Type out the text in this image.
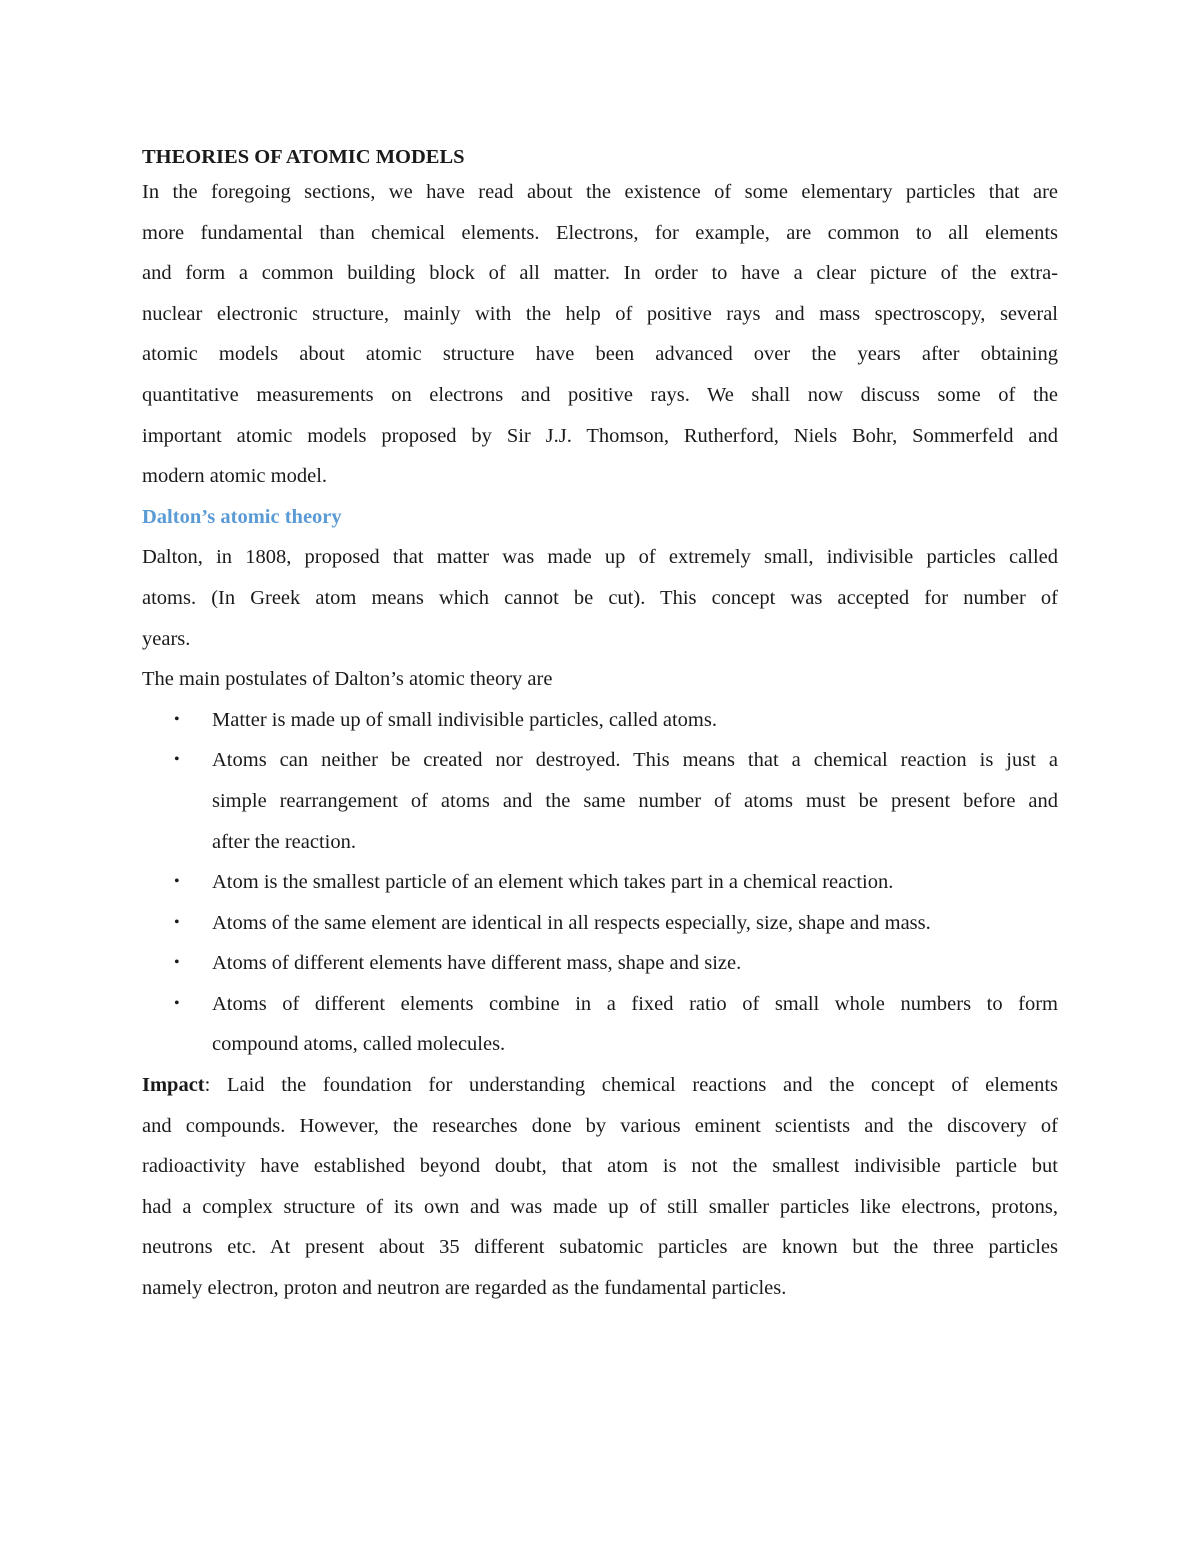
THEORIES OF ATOMIC MODELS
In the foregoing sections, we have read about the existence of some elementary particles that are
more fundamental than chemical elements. Electrons, for example, are common to all elements
and form a common building block of all matter. In order to have a clear picture of the extra-
nuclear electronic structure, mainly with the help of positive rays and mass spectroscopy, several
atomic models about atomic structure have been advanced over the years after obtaining
quantitative measurements on electrons and positive rays. We shall now discuss some of the
important atomic models proposed by Sir J.J. Thomson, Rutherford, Niels Bohr, Sommerfeld and
modern atomic model.
Dalton’s atomic theory
Dalton, in 1808, proposed that matter was made up of extremely small, indivisible particles called
atoms. (In Greek atom means which cannot be cut). This concept was accepted for number of
years.
The main postulates of Dalton’s atomic theory are
• Matter is made up of small indivisible particles, called atoms.
• Atoms can neither be created nor destroyed. This means that a chemical reaction is just a
simple rearrangement of atoms and the same number of atoms must be present before and
after the reaction.
• Atom is the smallest particle of an element which takes part in a chemical reaction.
• Atoms of the same element are identical in all respects especially, size, shape and mass.
• Atoms of different elements have different mass, shape and size.
• Atoms of different elements combine in a fixed ratio of small whole numbers to form
compound atoms, called molecules.
Impact: Laid the foundation for understanding chemical reactions and the concept of elements
and compounds. However, the researches done by various eminent scientists and the discovery of
radioactivity have established beyond doubt, that atom is not the smallest indivisible particle but
had a complex structure of its own and was made up of still smaller particles like electrons, protons,
neutrons etc. At present about 35 different subatomic particles are known but the three particles
namely electron, proton and neutron are regarded as the fundamental particles.
